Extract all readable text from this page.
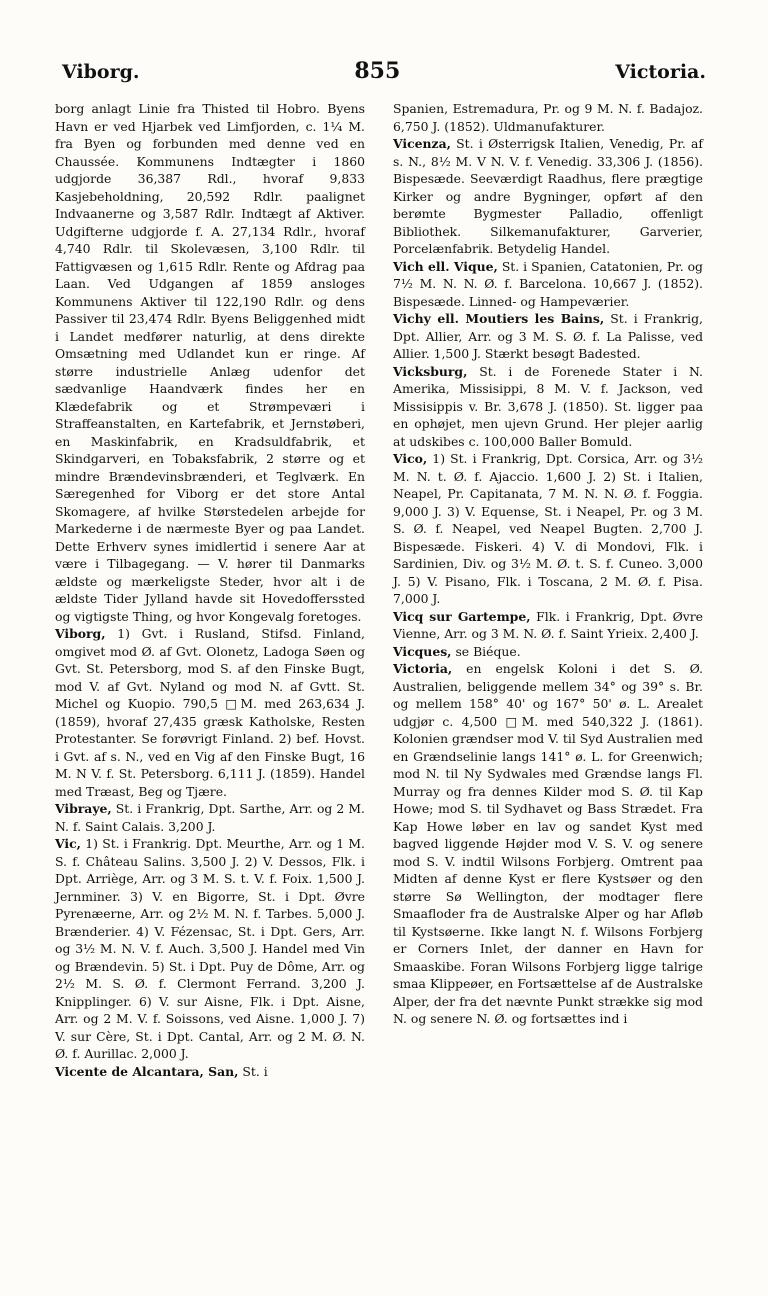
Viborg.	855	Victoria.

borg anlagt Linie fra Thisted til Hobro. Byens Havn er ved Hjarbek ved Limfjorden, c. 1¼ M. fra Byen og forbunden med denne ved en Chaussée. Kommunens Indtægter i 1860 udgjorde 36,387 Rdl., hvoraf 9,833 Kasjebeholdning, 20,592 Rdlr. paalignet Indvaanerne og 3,587 Rdlr. Indtægt af Aktiver. Udgifterne udgjorde f. A. 27,134 Rdlr., hvoraf 4,740 Rdlr. til Skolevæsen, 3,100 Rdlr. til Fattigvæsen og 1,615 Rdlr. Rente og Afdrag paa Laan. Ved Udgangen af 1859 ansloges Kommunens Aktiver til 122,190 Rdlr. og dens Passiver til 23,474 Rdlr. Byens Beliggenhed midt i Landet medfører naturlig, at dens direkte Omsætning med Udlandet kun er ringe. Af større industrielle Anlæg udenfor det sædvanlige Haandværk findes her en Klædefabrik og et Strømpeværi i Straffeanstalten, en Kartefabrik, et Jernstøberi, en Maskinfabrik, en Kradsuldfabrik, et Skindgarveri, en Tobaksfabrik, 2 større og et mindre Brændevinsbrænderi, et Teglværk. En Særegenhed for Viborg er det store Antal Skomagere, af hvilke Størstedelen arbejde for Markederne i de nærmeste Byer og paa Landet. Dette Erhverv synes imidlertid i senere Aar at være i Tilbagegang. — V. hører til Danmarks ældste og mærkeligste Steder, hvor alt i de ældste Tider Jylland havde sit Hovedofferssted og vigtigste Thing, og hvor Kongevalg foretoges.

Viborg, 1) Gvt. i Rusland, Stifsd. Finland, omgivet mod Ø. af Gvt. Olonetz, Ladoga Søen og Gvt. St. Petersborg, mod S. af den Finske Bugt, mod V. af Gvt. Nyland og mod N. af Gvtt. St. Michel og Kuopio. 790,5 □M. med 263,634 J. (1859), hvoraf 27,435 græsk Katholske, Resten Protestanter. Se forøvrigt Finland. 2) bef. Hovst. i Gvt. af s. N., ved en Vig af den Finske Bugt, 16 M. N V. f. St. Petersborg. 6,111 J. (1859). Handel med Træast, Beg og Tjære.

Vibraye, St. i Frankrig, Dpt. Sarthe, Arr. og 2 M. N. f. Saint Calais. 3,200 J.

Vic, 1) St. i Frankrig. Dpt. Meurthe, Arr. og 1 M. S. f. Château Salins. 3,500 J. 2) V. Dessos, Flk. i Dpt. Arriège, Arr. og 3 M. S. t. V. f. Foix. 1,500 J. Jernminer. 3) V. en Bigorre, St. i Dpt. Øvre Pyrenæerne, Arr. og 2½ M. N. f. Tarbes. 5,000 J. Brænderier. 4) V. Fézensac, St. i Dpt. Gers, Arr. og 3½ M. N. V. f. Auch. 3,500 J. Handel med Vin og Brændevin. 5) St. i Dpt. Puy de Dôme, Arr. og 2½ M. S. Ø. f. Clermont Ferrand. 3,200 J. Knipplinger. 6) V. sur Aisne, Flk. i Dpt. Aisne, Arr. og 2 M. V. f. Soissons, ved Aisne. 1,000 J. 7) V. sur Cère, St. i Dpt. Cantal, Arr. og 2 M. Ø. N. Ø. f. Aurillac. 2,000 J.

Vicente de Alcantara, San, St. i

Spanien, Estremadura, Pr. og 9 M. N. f. Badajoz. 6,750 J. (1852). Uldmanufakturer.

Vicenza, St. i Østerrigsk Italien, Venedig, Pr. af s. N., 8½ M. V N. V. f. Venedig. 33,306 J. (1856). Bispesæde. Seeværdigt Raadhus, flere prægtige Kirker og andre Bygninger, opført af den berømte Bygmester Palladio, offenligt Bibliothek. Silkemanufakturer, Garverier, Porcelænfabrik. Betydelig Handel.

Vich ell. Vique, St. i Spanien, Catatonien, Pr. og 7½ M. N. N. Ø. f. Barcelona. 10,667 J. (1852). Bispesæde. Linned- og Hampeværier.

Vichy ell. Moutiers les Bains, St. i Frankrig, Dpt. Allier, Arr. og 3 M. S. Ø. f. La Palisse, ved Allier. 1,500 J. Stærkt besøgt Badested.

Vicksburg, St. i de Forenede Stater i N. Amerika, Missisippi, 8 M. V. f. Jackson, ved Missisippis v. Br. 3,678 J. (1850). St. ligger paa en ophøjet, men ujevn Grund. Her plejer aarlig at udskibes c. 100,000 Baller Bomuld.

Vico, 1) St. i Frankrig, Dpt. Corsica, Arr. og 3½ M. N. t. Ø. f. Ajaccio. 1,600 J. 2) St. i Italien, Neapel, Pr. Capitanata, 7 M. N. N. Ø. f. Foggia. 9,000 J. 3) V. Equense, St. i Neapel, Pr. og 3 M. S. Ø. f. Neapel, ved Neapel Bugten. 2,700 J. Bispesæde. Fiskeri. 4) V. di Mondovi, Flk. i Sardinien, Div. og 3½ M. Ø. t. S. f. Cuneo. 3,000 J. 5) V. Pisano, Flk. i Toscana, 2 M. Ø. f. Pisa. 7,000 J.

Vicq sur Gartempe, Flk. i Frankrig, Dpt. Øvre Vienne, Arr. og 3 M. N. Ø. f. Saint Yrieix. 2,400 J.

Vicques, se Biéque.

Victoria, en engelsk Koloni i det S. Ø. Australien, beliggende mellem 34° og 39° s. Br. og mellem 158° 40' og 167° 50' ø. L. Arealet udgjør c. 4,500 □M. med 540,322 J. (1861). Kolonien grændser mod V. til Syd Australien med en Grændselinie langs 141° ø. L. for Greenwich; mod N. til Ny Sydwales med Grændse langs Fl. Murray og fra dennes Kilder mod S. Ø. til Kap Howe; mod S. til Sydhavet og Bass Strædet. Fra Kap Howe løber en lav og sandet Kyst med bagved liggende Højder mod V. S. V. og senere mod S. V. indtil Wilsons Forbjerg. Omtrent paa Midten af denne Kyst er flere Kystsøer og den større Sø Wellington, der modtager flere Smaafloder fra de Australske Alper og har Afløb til Kystsøerne. Ikke langt N. f. Wilsons Forbjerg er Corners Inlet, der danner en Havn for Smaaskibe. Foran Wilsons Forbjerg ligge talrige smaa Klippeøer, en Fortsættelse af de Australske Alper, der fra det nævnte Punkt strække sig mod N. og senere N. Ø. og fortsættes ind i
